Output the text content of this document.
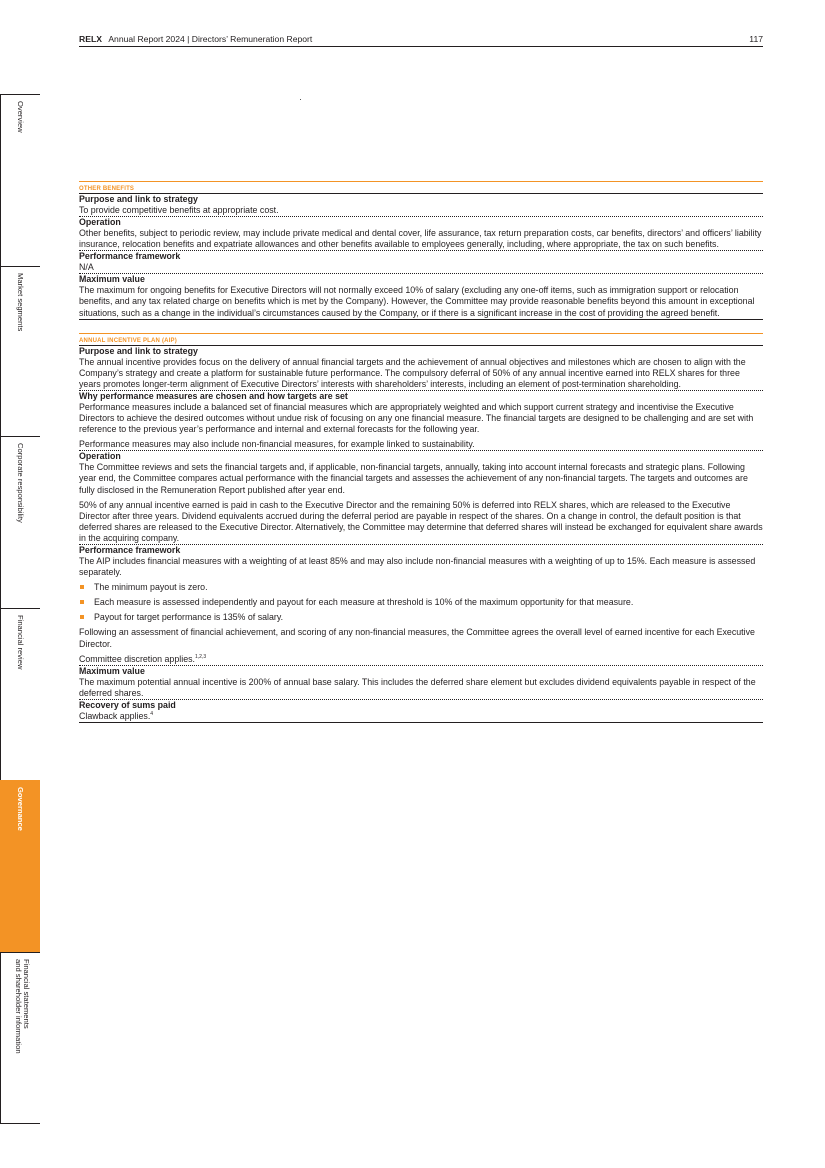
RELX Annual Report 2024 | Directors’ Remuneration Report	117
OTHER BENEFITS
Purpose and link to strategy

To provide competitive benefits at appropriate cost.

Operation

Other benefits, subject to periodic review, may include private medical and dental cover, life assurance, tax return preparation costs, car benefits, directors’ and officers’ liability insurance, relocation benefits and expatriate allowances and other benefits available to employees generally, including, where appropriate, the tax on such benefits.

Performance framework

N/A

Maximum value

The maximum for ongoing benefits for Executive Directors will not normally exceed 10% of salary (excluding any one-off items, such as immigration support or relocation benefits, and any tax related charge on benefits which is met by the Company). However, the Committee may provide reasonable benefits beyond this amount in exceptional situations, such as a change in the individual’s circumstances caused by the Company, or if there is a significant increase in the cost of providing the agreed benefit.

ANNUAL INCENTIVE PLAN (AIP)
Purpose and link to strategy

The annual incentive provides focus on the delivery of annual financial targets and the achievement of annual objectives and milestones which are chosen to align with the Company’s strategy and create a platform for sustainable future performance. The compulsory deferral of 50% of any annual incentive earned into RELX shares for three years promotes longer-term alignment of Executive Directors’ interests with shareholders’ interests, including an element of post-termination shareholding.

Why performance measures are chosen and how targets are set

Performance measures include a balanced set of financial measures which are appropriately weighted and which support current strategy and incentivise the Executive Directors to achieve the desired outcomes without undue risk of focusing on any one financial measure. The financial targets are designed to be challenging and are set with reference to the previous year’s performance and internal and external forecasts for the following year.

Performance measures may also include non-financial measures, for example linked to sustainability.

Operation

The Committee reviews and sets the financial targets and, if applicable, non-financial targets, annually, taking into account internal forecasts and strategic plans. Following year end, the Committee compares actual performance with the financial targets and assesses the achievement of any non-financial targets. The targets and outcomes are fully disclosed in the Remuneration Report published after year end.

50% of any annual incentive earned is paid in cash to the Executive Director and the remaining 50% is deferred into RELX shares, which are released to the Executive Director after three years. Dividend equivalents accrued during the deferral period are payable in respect of the shares. On a change in control, the default position is that deferred shares are released to the Executive Director. Alternatively, the Committee may determine that deferred shares will instead be exchanged for equivalent share awards in the acquiring company.

Performance framework

The AIP includes financial measures with a weighting of at least 85% and may also include non-financial measures with a weighting of up to 15%. Each measure is assessed separately.

The minimum payout is zero.
Each measure is assessed independently and payout for each measure at threshold is 10% of the maximum opportunity for that measure.
Payout for target performance is 135% of salary.

Following an assessment of financial achievement, and scoring of any non-financial measures, the Committee agrees the overall level of earned incentive for each Executive Director.

Committee discretion applies.$^{1,2,3}$

Maximum value

The maximum potential annual incentive is 200% of annual base salary. This includes the deferred share element but excludes dividend equivalents payable in respect of the deferred shares.

Recovery of sums paid

Clawback applies.$^4$

Overview
Market segments
Corporate responsibility
Financial review
Governance
Financial statements
and shareholder information
